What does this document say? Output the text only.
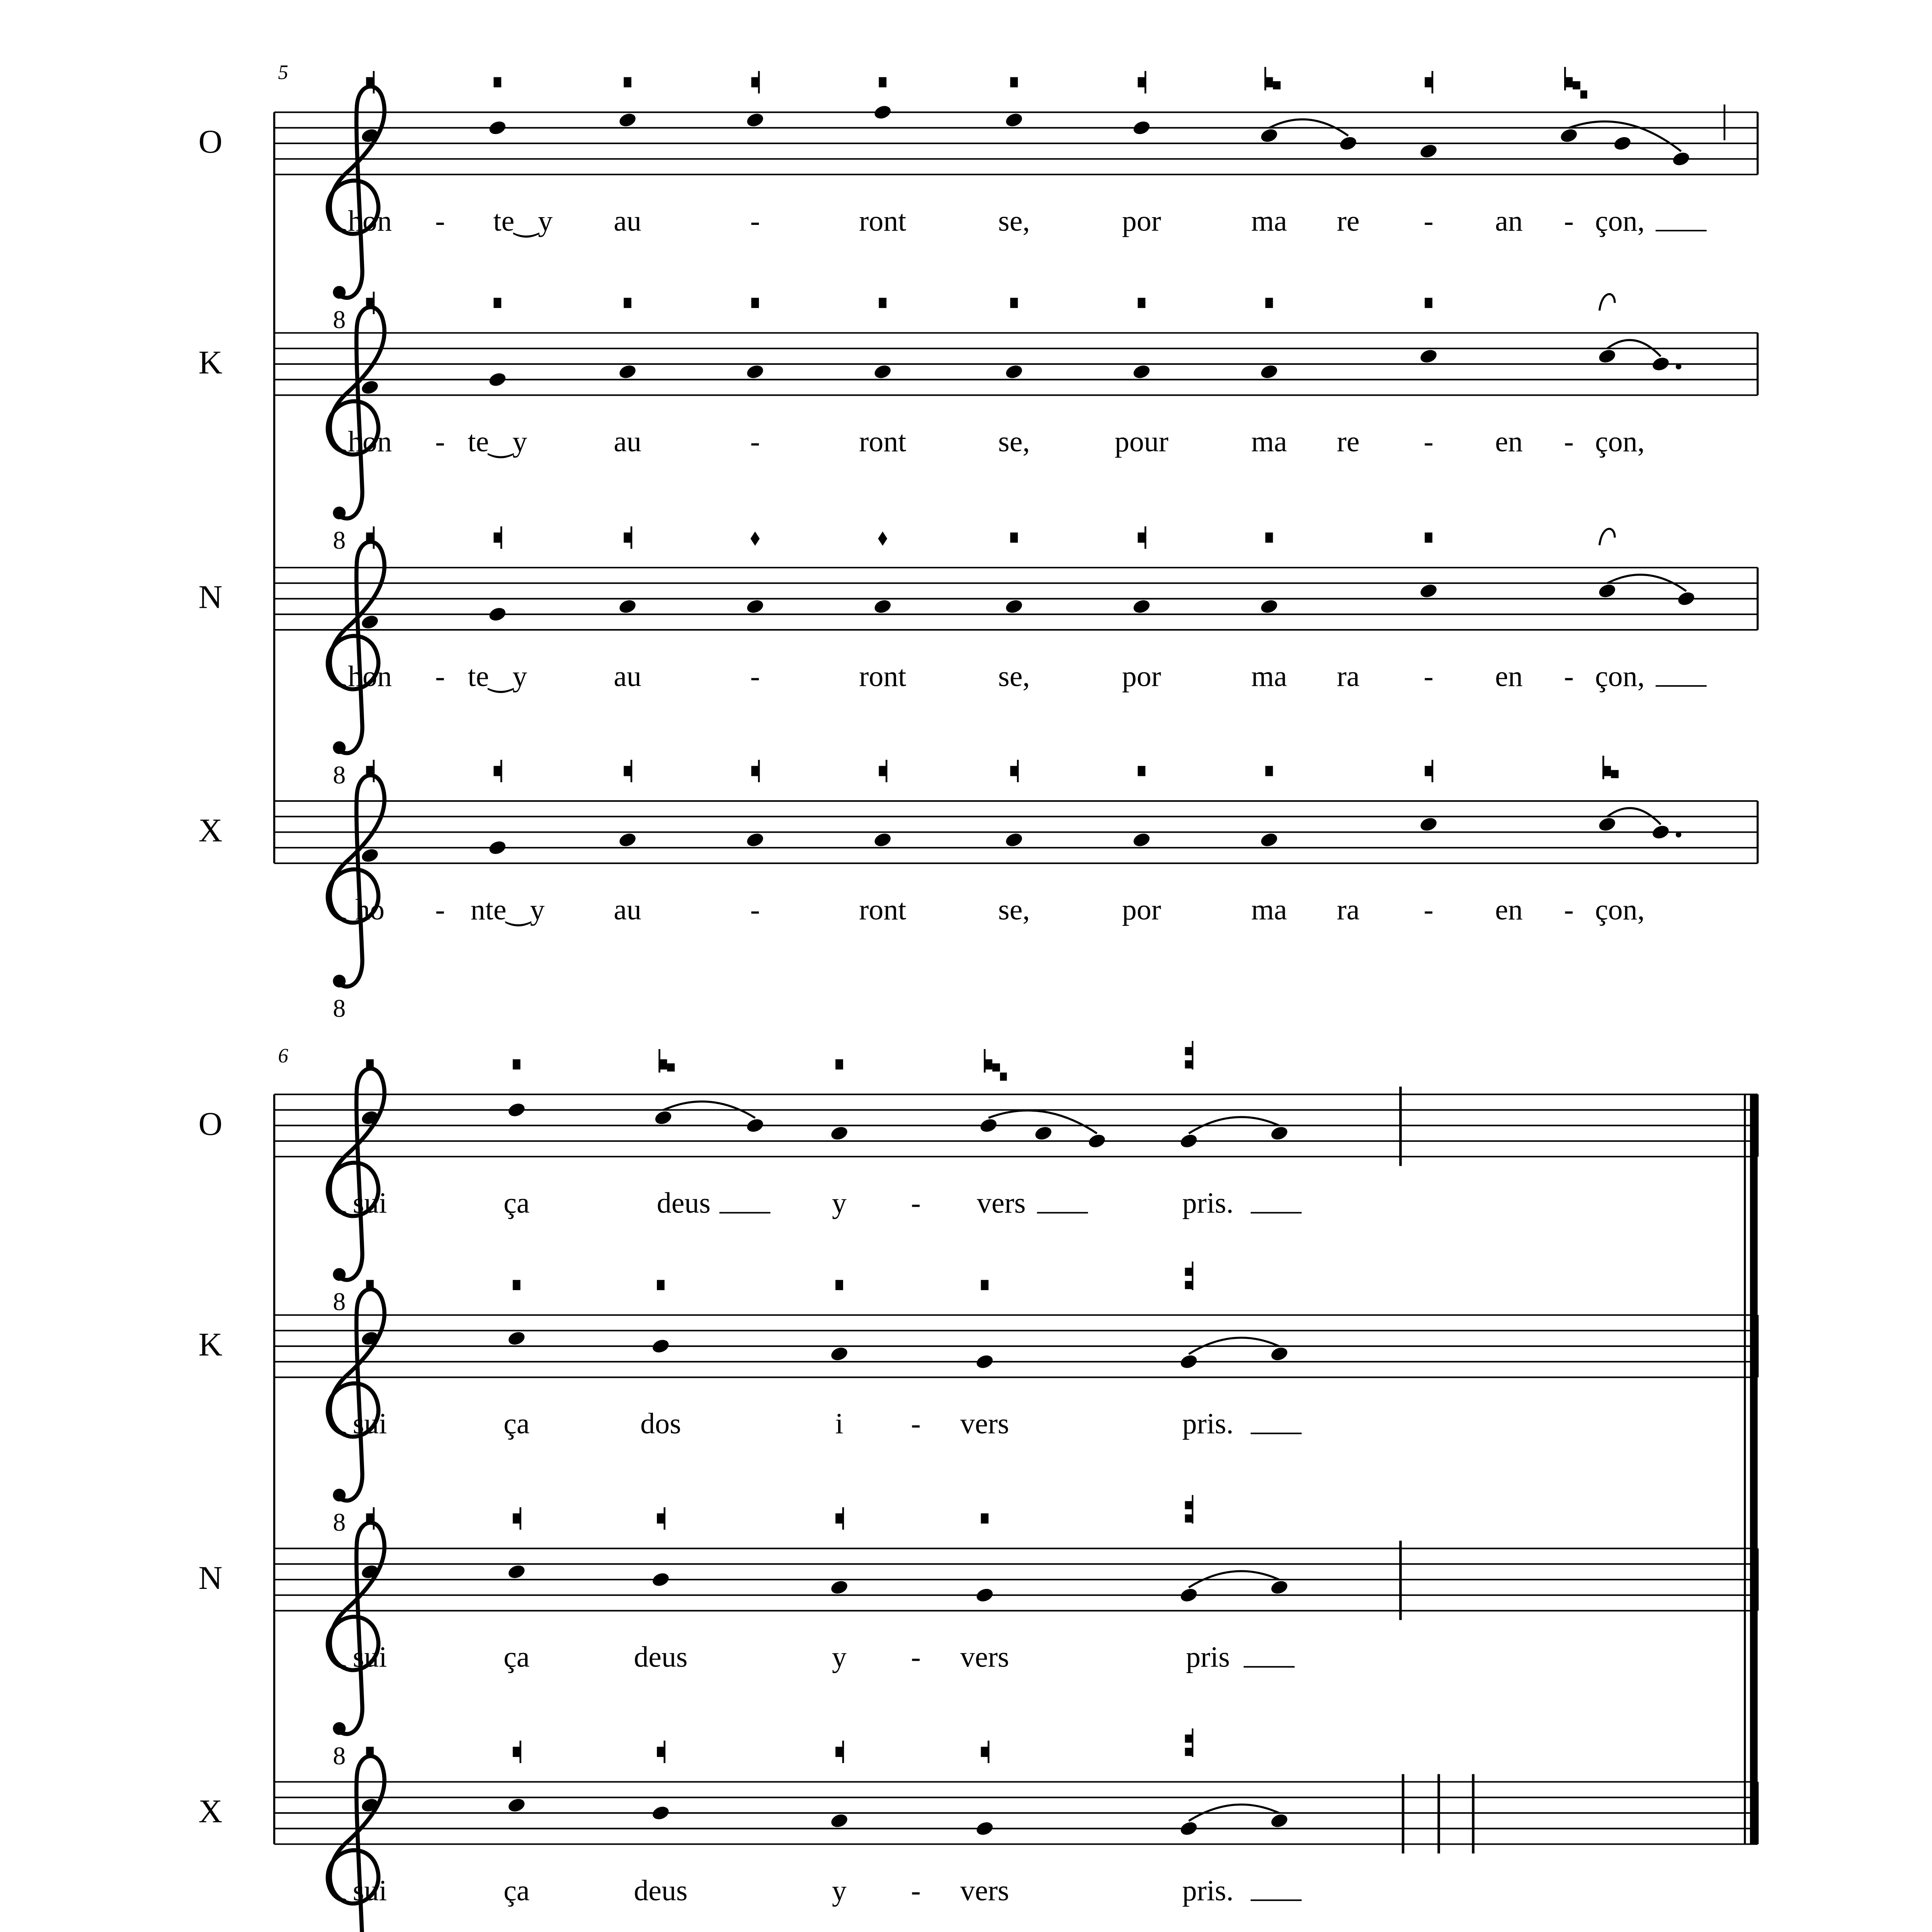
5
O
8
hon - te‿y au	-	ront	se,	por	ma re - an - çon,
K
8
hon - te‿y	au	-	ront	se,	pour	ma re - en - çon,
N
8
hon - te‿y	au	-	ront	se,	por	ma ra - en - çon,
X
8
ho - nte‿y au	-	ront	se,	por	ma ra - en - çon,
6
O
8
sui	ça	deus	y - vers	pris.
K
8
sui	ça	dos	i - vers	pris.
N
8
sui	ça	deus	y - vers	pris
X
sui	ça	deus	y - vers	pris.
